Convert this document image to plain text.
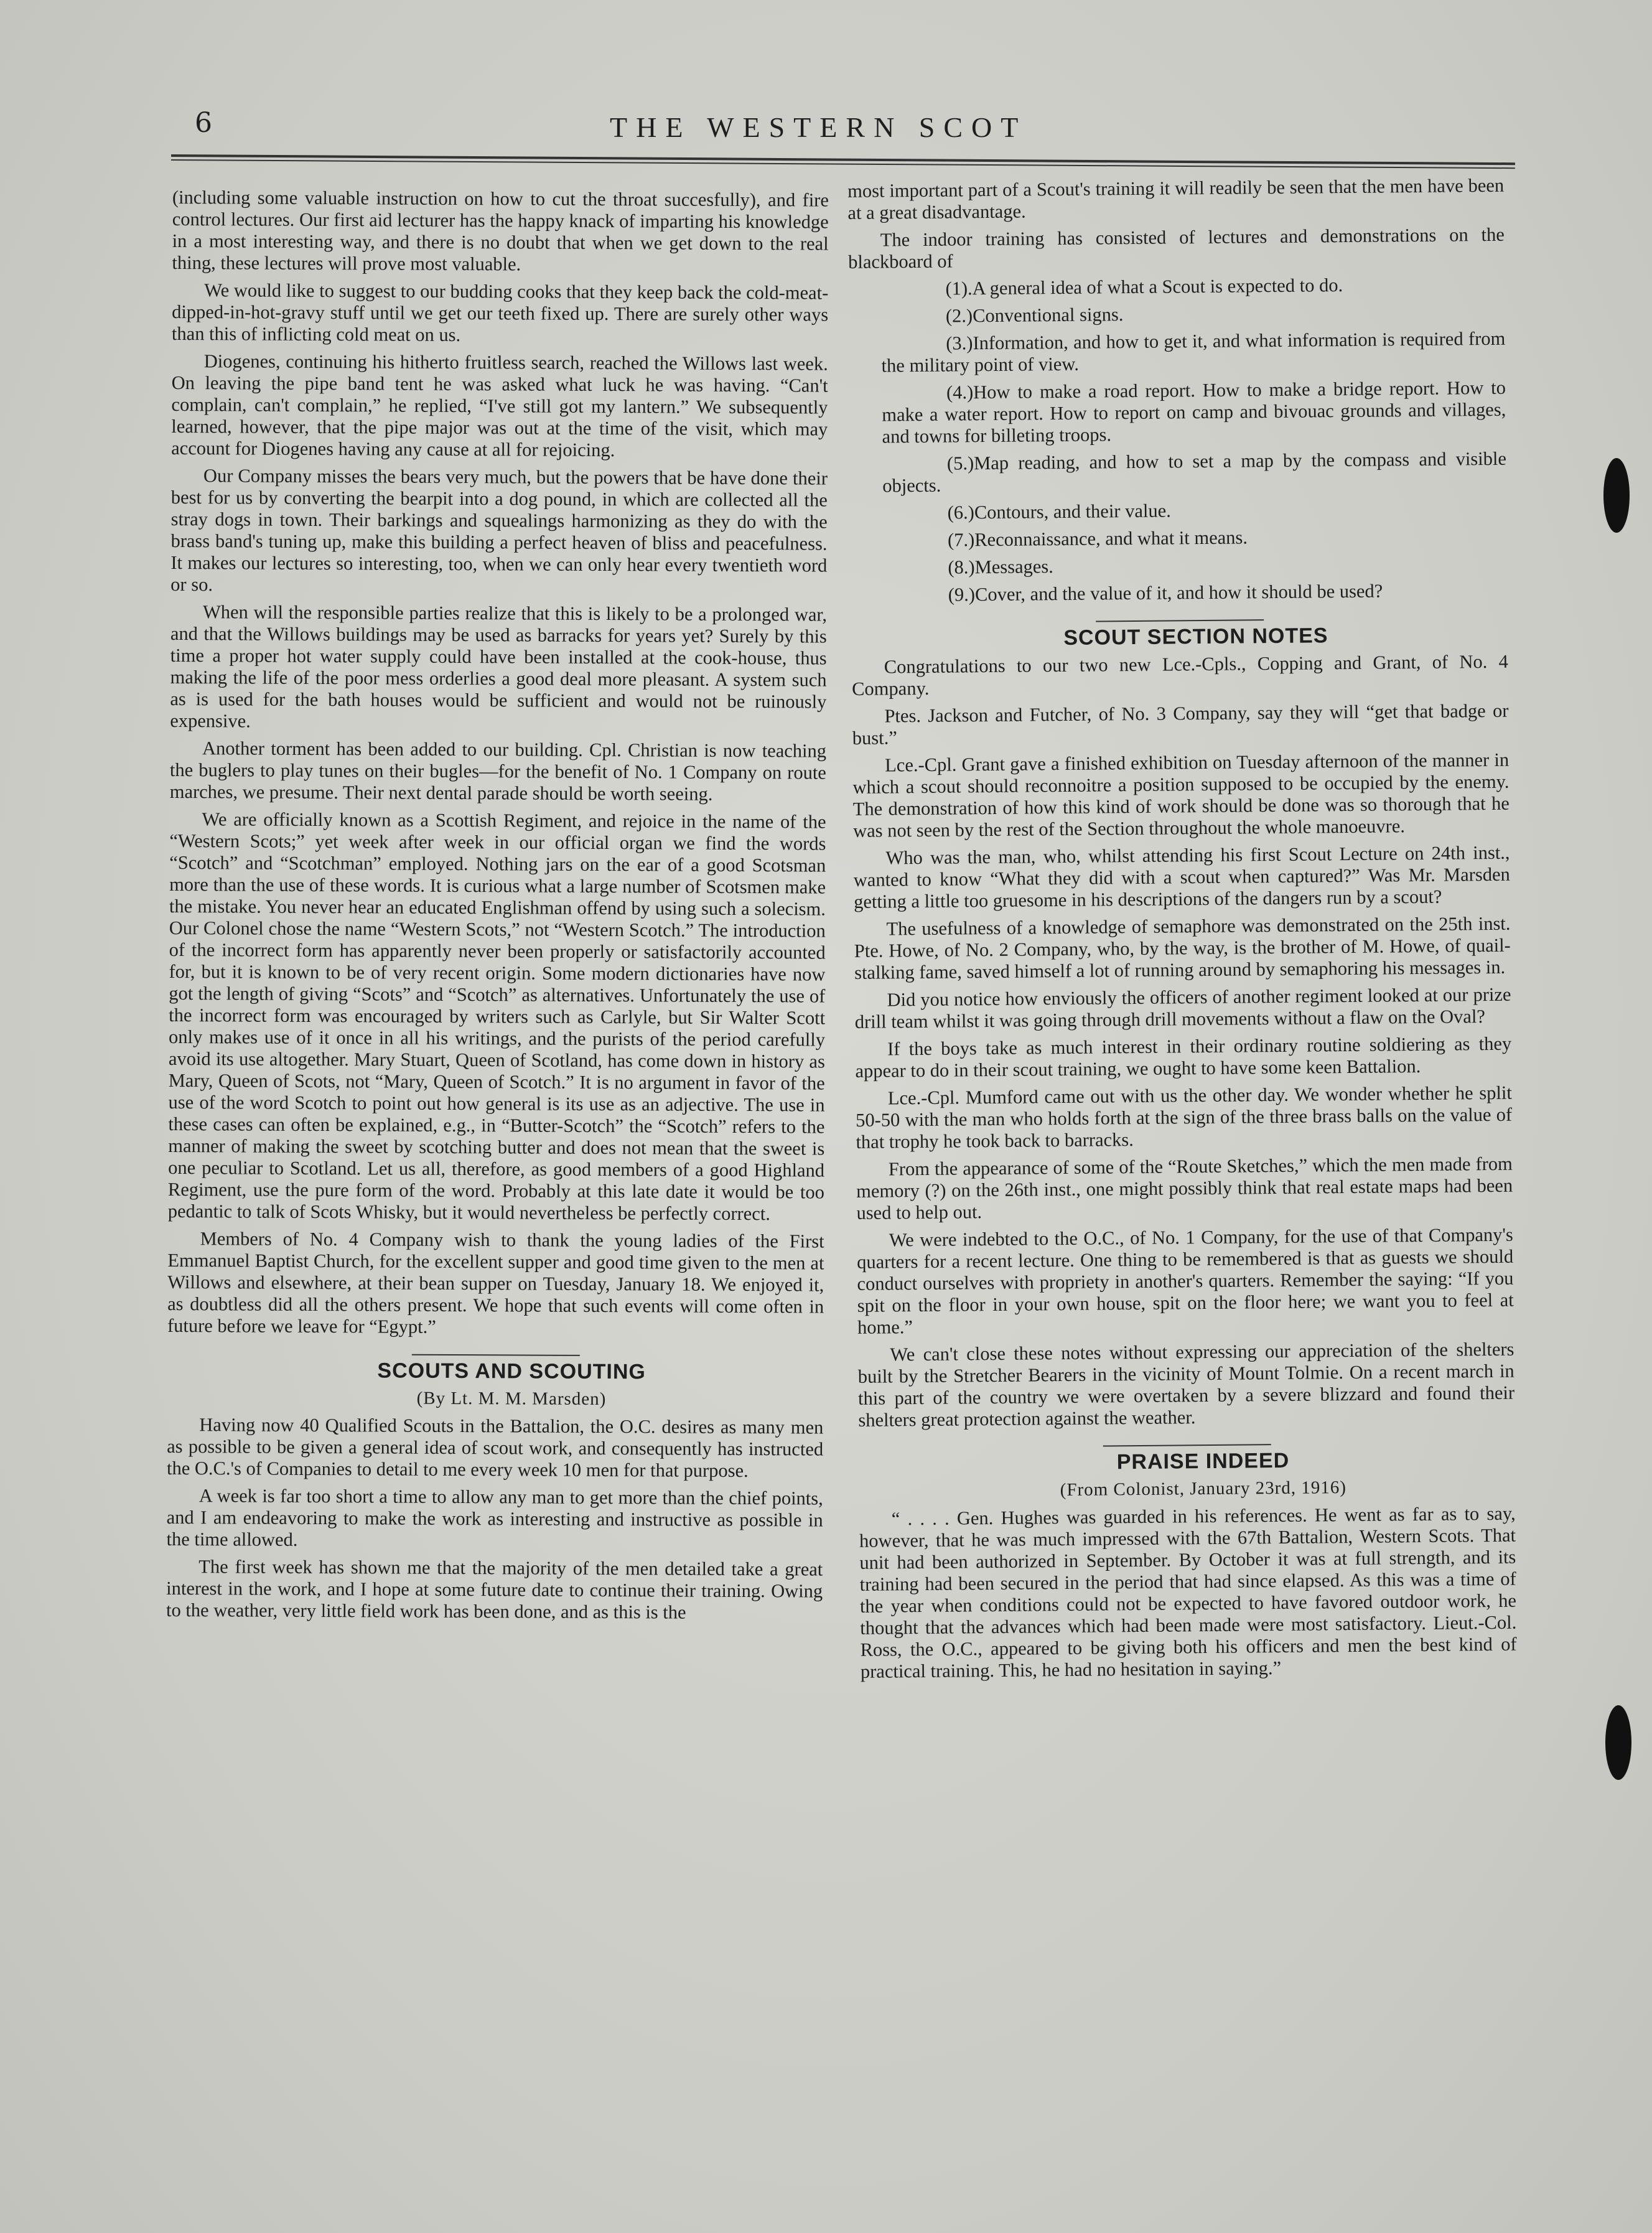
6	THE WESTERN SCOT

(including some valuable instruction on how to cut the throat succesfully), and fire control lectures. Our first aid lecturer has the happy knack of imparting his knowledge in a most interesting way, and there is no doubt that when we get down to the real thing, these lectures will prove most valuable.

We would like to suggest to our budding cooks that they keep back the cold-meat-dipped-in-hot-gravy stuff until we get our teeth fixed up. There are surely other ways than this of inflicting cold meat on us.

Diogenes, continuing his hitherto fruitless search, reached the Willows last week. On leaving the pipe band tent he was asked what luck he was having. “Can't complain, can't complain,” he replied, “I've still got my lantern.” We subsequently learned, however, that the pipe major was out at the time of the visit, which may account for Diogenes having any cause at all for rejoicing.

Our Company misses the bears very much, but the powers that be have done their best for us by converting the bearpit into a dog pound, in which are collected all the stray dogs in town. Their barkings and squealings harmonizing as they do with the brass band's tuning up, make this building a perfect heaven of bliss and peacefulness. It makes our lectures so interesting, too, when we can only hear every twentieth word or so.

When will the responsible parties realize that this is likely to be a prolonged war, and that the Willows buildings may be used as barracks for years yet? Surely by this time a proper hot water supply could have been installed at the cook-house, thus making the life of the poor mess orderlies a good deal more pleasant. A system such as is used for the bath houses would be sufficient and would not be ruinously expensive.

Another torment has been added to our building. Cpl. Christian is now teaching the buglers to play tunes on their bugles—for the benefit of No. 1 Company on route marches, we presume. Their next dental parade should be worth seeing.

We are officially known as a Scottish Regiment, and rejoice in the name of the “Western Scots;” yet week after week in our official organ we find the words “Scotch” and “Scotchman” employed. Nothing jars on the ear of a good Scotsman more than the use of these words. It is curious what a large number of Scotsmen make the mistake. You never hear an educated Englishman offend by using such a solecism. Our Colonel chose the name “Western Scots,” not “Western Scotch.” The introduction of the incorrect form has apparently never been properly or satisfactorily accounted for, but it is known to be of very recent origin. Some modern dictionaries have now got the length of giving “Scots” and “Scotch” as alternatives. Unfortunately the use of the incorrect form was encouraged by writers such as Carlyle, but Sir Walter Scott only makes use of it once in all his writings, and the purists of the period carefully avoid its use altogether. Mary Stuart, Queen of Scotland, has come down in history as Mary, Queen of Scots, not “Mary, Queen of Scotch.” It is no argument in favor of the use of the word Scotch to point out how general is its use as an adjective. The use in these cases can often be explained, e.g., in “Butter-Scotch” the “Scotch” refers to the manner of making the sweet by scotching butter and does not mean that the sweet is one peculiar to Scotland. Let us all, therefore, as good members of a good Highland Regiment, use the pure form of the word. Probably at this late date it would be too pedantic to talk of Scots Whisky, but it would nevertheless be perfectly correct.

Members of No. 4 Company wish to thank the young ladies of the First Emmanuel Baptist Church, for the excellent supper and good time given to the men at Willows and elsewhere, at their bean supper on Tuesday, January 18. We enjoyed it, as doubtless did all the others present. We hope that such events will come often in future before we leave for “Egypt.”

SCOUTS AND SCOUTING

(By Lt. M. M. Marsden)

Having now 40 Qualified Scouts in the Battalion, the O.C. desires as many men as possible to be given a general idea of scout work, and consequently has instructed the O.C.'s of Companies to detail to me every week 10 men for that purpose.

A week is far too short a time to allow any man to get more than the chief points, and I am endeavoring to make the work as interesting and instructive as possible in the time allowed.

The first week has shown me that the majority of the men detailed take a great interest in the work, and I hope at some future date to continue their training. Owing to the weather, very little field work has been done, and as this is the

most important part of a Scout's training it will readily be seen that the men have been at a great disadvantage.

The indoor training has consisted of lectures and demonstrations on the blackboard of

(1).A general idea of what a Scout is expected to do.

(2.)Conventional signs.

(3.)Information, and how to get it, and what information is required from the military point of view.

(4.)How to make a road report. How to make a bridge report. How to make a water report. How to report on camp and bivouac grounds and villages, and towns for billeting troops.

(5.)Map reading, and how to set a map by the compass and visible objects.

(6.)Contours, and their value.

(7.)Reconnaissance, and what it means.

(8.)Messages.

(9.)Cover, and the value of it, and how it should be used?

SCOUT SECTION NOTES

Congratulations to our two new Lce.-Cpls., Copping and Grant, of No. 4 Company.

Ptes. Jackson and Futcher, of No. 3 Company, say they will “get that badge or bust.”

Lce.-Cpl. Grant gave a finished exhibition on Tuesday afternoon of the manner in which a scout should reconnoitre a position supposed to be occupied by the enemy. The demonstration of how this kind of work should be done was so thorough that he was not seen by the rest of the Section throughout the whole manoeuvre.

Who was the man, who, whilst attending his first Scout Lecture on 24th inst., wanted to know “What they did with a scout when captured?” Was Mr. Marsden getting a little too gruesome in his descriptions of the dangers run by a scout?

The usefulness of a knowledge of semaphore was demonstrated on the 25th inst. Pte. Howe, of No. 2 Company, who, by the way, is the brother of M. Howe, of quail-stalking fame, saved himself a lot of running around by semaphoring his messages in.

Did you notice how enviously the officers of another regiment looked at our prize drill team whilst it was going through drill movements without a flaw on the Oval?

If the boys take as much interest in their ordinary routine soldiering as they appear to do in their scout training, we ought to have some keen Battalion.

Lce.-Cpl. Mumford came out with us the other day. We wonder whether he split 50-50 with the man who holds forth at the sign of the three brass balls on the value of that trophy he took back to barracks.

From the appearance of some of the “Route Sketches,” which the men made from memory (?) on the 26th inst., one might possibly think that real estate maps had been used to help out.

We were indebted to the O.C., of No. 1 Company, for the use of that Company's quarters for a recent lecture. One thing to be remembered is that as guests we should conduct ourselves with propriety in another's quarters. Remember the saying: “If you spit on the floor in your own house, spit on the floor here; we want you to feel at home.”

We can't close these notes without expressing our appreciation of the shelters built by the Stretcher Bearers in the vicinity of Mount Tolmie. On a recent march in this part of the country we were overtaken by a severe blizzard and found their shelters great protection against the weather.

PRAISE INDEED

(From Colonist, January 23rd, 1916)

“ . . . . Gen. Hughes was guarded in his references. He went as far as to say, however, that he was much impressed with the 67th Battalion, Western Scots. That unit had been authorized in September. By October it was at full strength, and its training had been secured in the period that had since elapsed. As this was a time of the year when conditions could not be expected to have favored outdoor work, he thought that the advances which had been made were most satisfactory. Lieut.-Col. Ross, the O.C., appeared to be giving both his officers and men the best kind of practical training. This, he had no hesitation in saying.”
